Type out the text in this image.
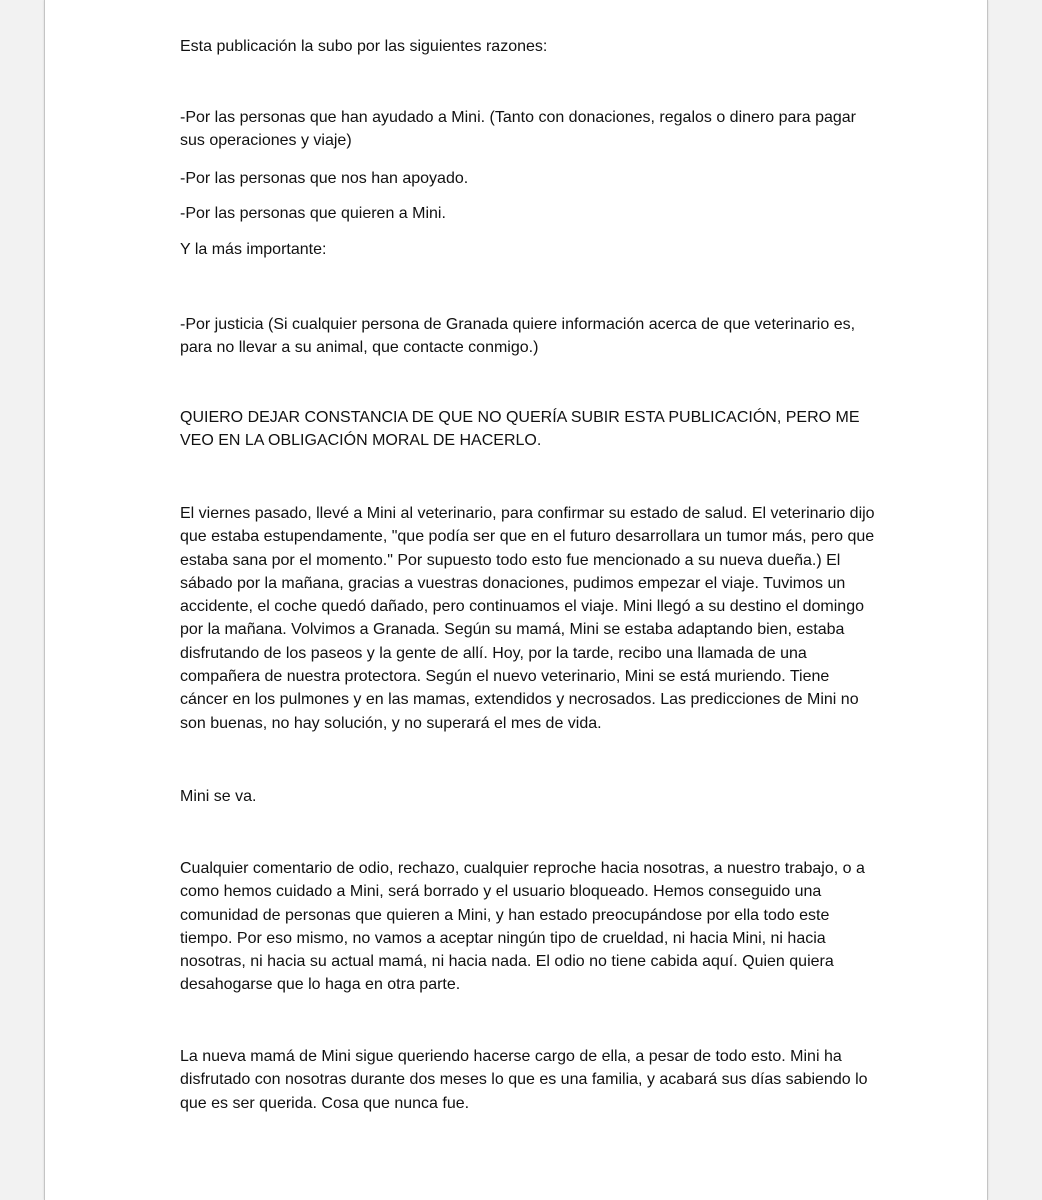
Esta publicación la subo por las siguientes razones:

-Por las personas que han ayudado a Mini. (Tanto con donaciones, regalos o dinero para pagar sus operaciones y viaje)

-Por las personas que nos han apoyado.

-Por las personas que quieren a Mini.

Y la más importante:

-Por justicia (Si cualquier persona de Granada quiere información acerca de que veterinario es, para no llevar a su animal, que contacte conmigo.)

QUIERO DEJAR CONSTANCIA DE QUE NO QUERÍA SUBIR ESTA PUBLICACIÓN, PERO ME VEO EN LA OBLIGACIÓN MORAL DE HACERLO.

El viernes pasado, llevé a Mini al veterinario, para confirmar su estado de salud. El veterinario dijo que estaba estupendamente, "que podía ser que en el futuro desarrollara un tumor más, pero que estaba sana por el momento." Por supuesto todo esto fue mencionado a su nueva dueña.) El sábado por la mañana, gracias a vuestras donaciones, pudimos empezar el viaje. Tuvimos un accidente, el coche quedó dañado, pero continuamos el viaje. Mini llegó a su destino el domingo por la mañana. Volvimos a Granada. Según su mamá, Mini se estaba adaptando bien, estaba disfrutando de los paseos y la gente de allí. Hoy, por la tarde, recibo una llamada de una compañera de nuestra protectora. Según el nuevo veterinario, Mini se está muriendo. Tiene cáncer en los pulmones y en las mamas, extendidos y necrosados. Las predicciones de Mini no son buenas, no hay solución, y no superará el mes de vida.

Mini se va.

Cualquier comentario de odio, rechazo, cualquier reproche hacia nosotras, a nuestro trabajo, o a como hemos cuidado a Mini, será borrado y el usuario bloqueado. Hemos conseguido una comunidad de personas que quieren a Mini, y han estado preocupándose por ella todo este tiempo. Por eso mismo, no vamos a aceptar ningún tipo de crueldad, ni hacia Mini, ni hacia nosotras, ni hacia su actual mamá, ni hacia nada. El odio no tiene cabida aquí. Quien quiera desahogarse que lo haga en otra parte.

La nueva mamá de Mini sigue queriendo hacerse cargo de ella, a pesar de todo esto. Mini ha disfrutado con nosotras durante dos meses lo que es una familia, y acabará sus días sabiendo lo que es ser querida. Cosa que nunca fue.
